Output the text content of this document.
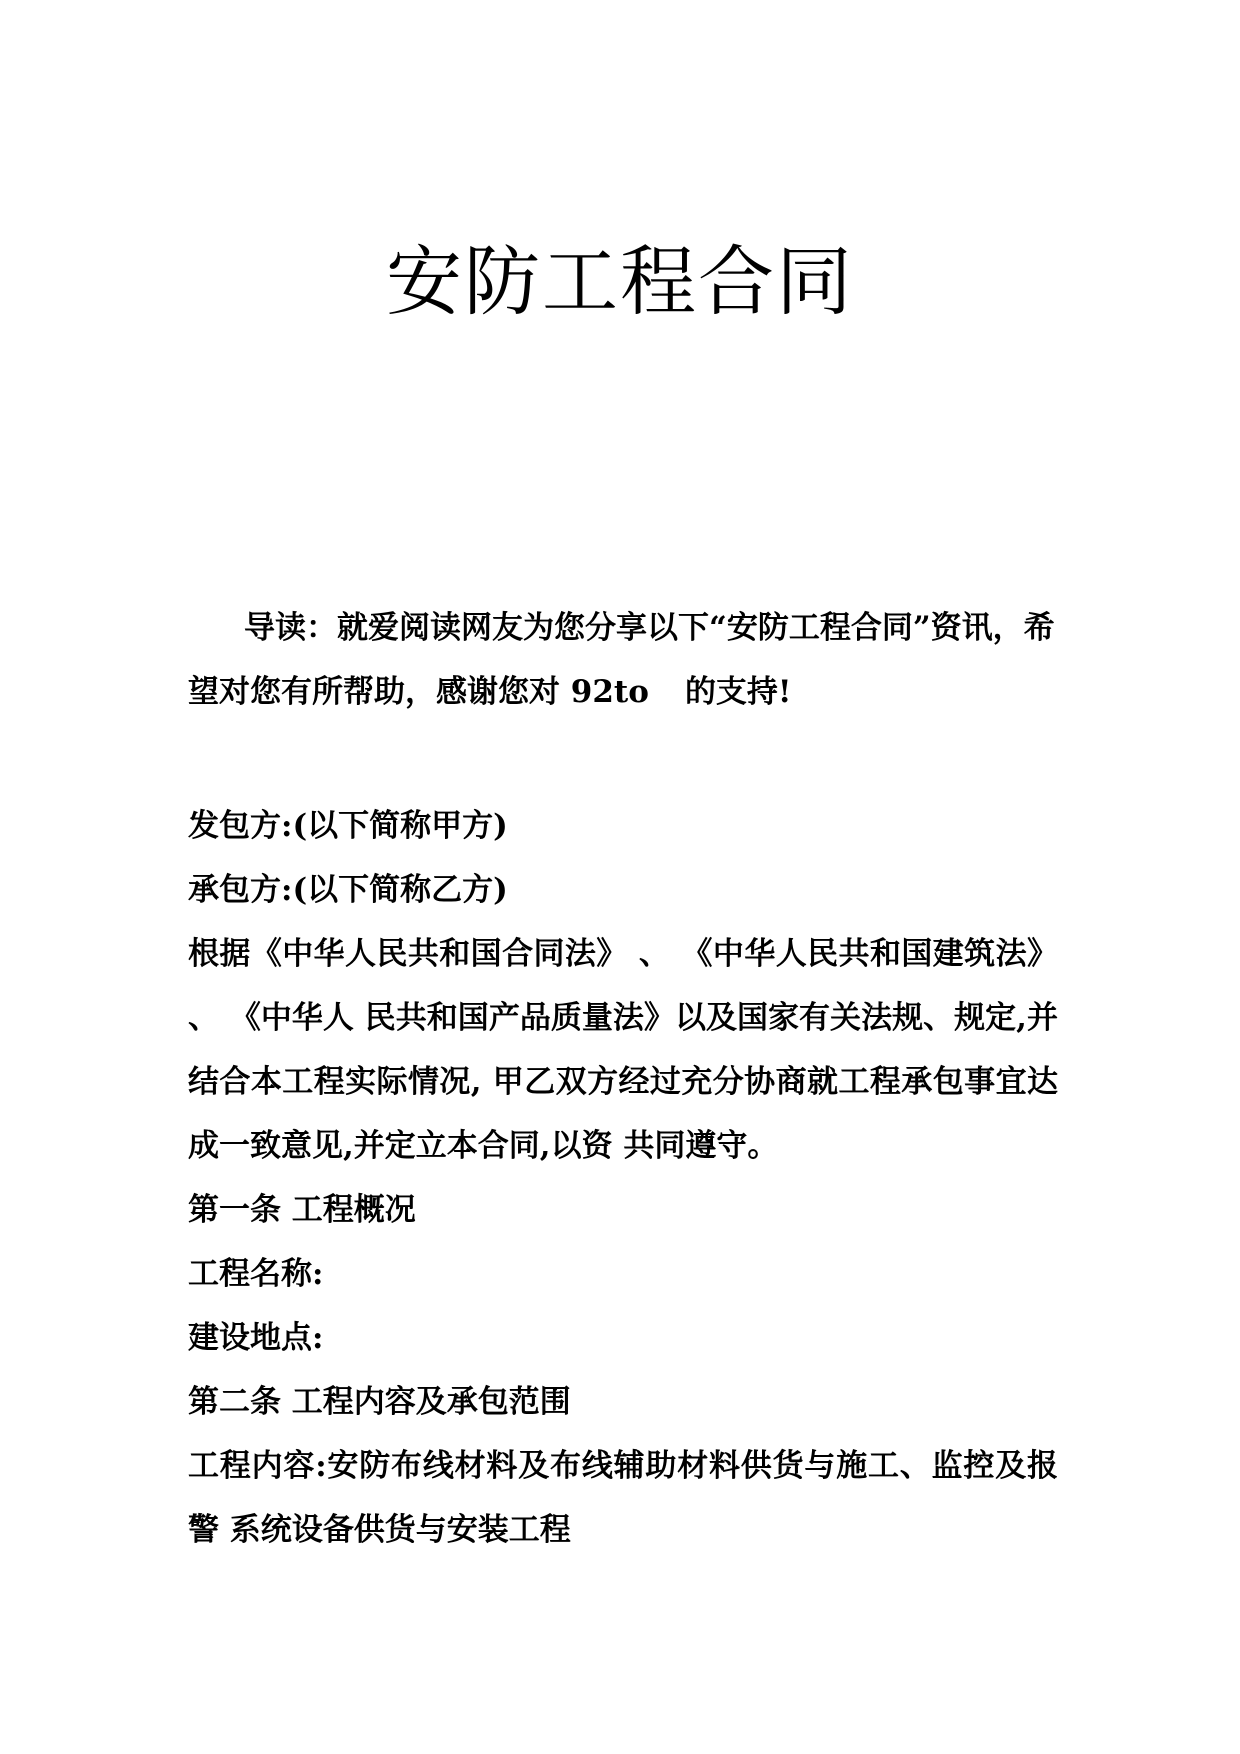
安防工程合同

导读：就爱阅读网友为您分享以下“安防工程合同”资讯，希望对您有所帮助，感谢您对 92to 的支持!

发包方:(以下简称甲方)
承包方:(以下简称乙方)
根据《中华人民共和国合同法》 、 《中华人民共和国建筑法》 、 《中华人 民共和国产品质量法》以及国家有关法规、规定,并结合本工程实际情况, 甲乙双方经过充分协商就工程承包事宜达成一致意见,并定立本合同,以资 共同遵守。
第一条 工程概况
工程名称:
建设地点:
第二条 工程内容及承包范围
工程内容:安防布线材料及布线辅助材料供货与施工、监控及报警 系统设备供货与安装工程
